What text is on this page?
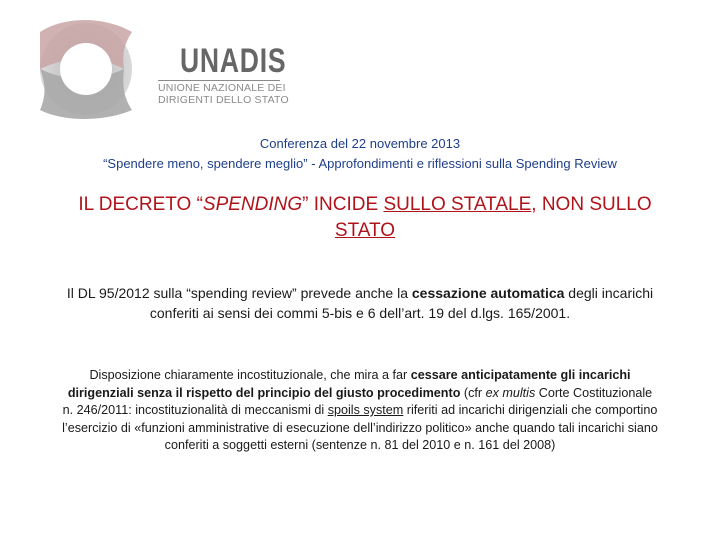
UNADIS
UNIONE NAZIONALE DEI
DIRIGENTI DELLO STATO
Conferenza del 22 novembre 2013
“Spendere meno, spendere meglio” - Approfondimenti e riflessioni sulla Spending Review
IL DECRETO “SPENDING” INCIDE SULLO STATALE, NON SULLO STATO
Il DL 95/2012 sulla “spending review” prevede anche la cessazione automatica degli incarichi conferiti ai sensi dei commi 5-bis e 6 dell’art. 19 del d.lgs. 165/2001.
Disposizione chiaramente incostituzionale, che mira a far cessare anticipatamente gli incarichi dirigenziali senza il rispetto del principio del giusto procedimento (cfr ex multis Corte Costituzionale n. 246/2011: incostituzionalità di meccanismi di spoils system riferiti ad incarichi dirigenziali che comportino l’esercizio di «funzioni amministrative di esecuzione dell’indirizzo politico» anche quando tali incarichi siano conferiti a soggetti esterni (sentenze n. 81 del 2010 e n. 161 del 2008)
